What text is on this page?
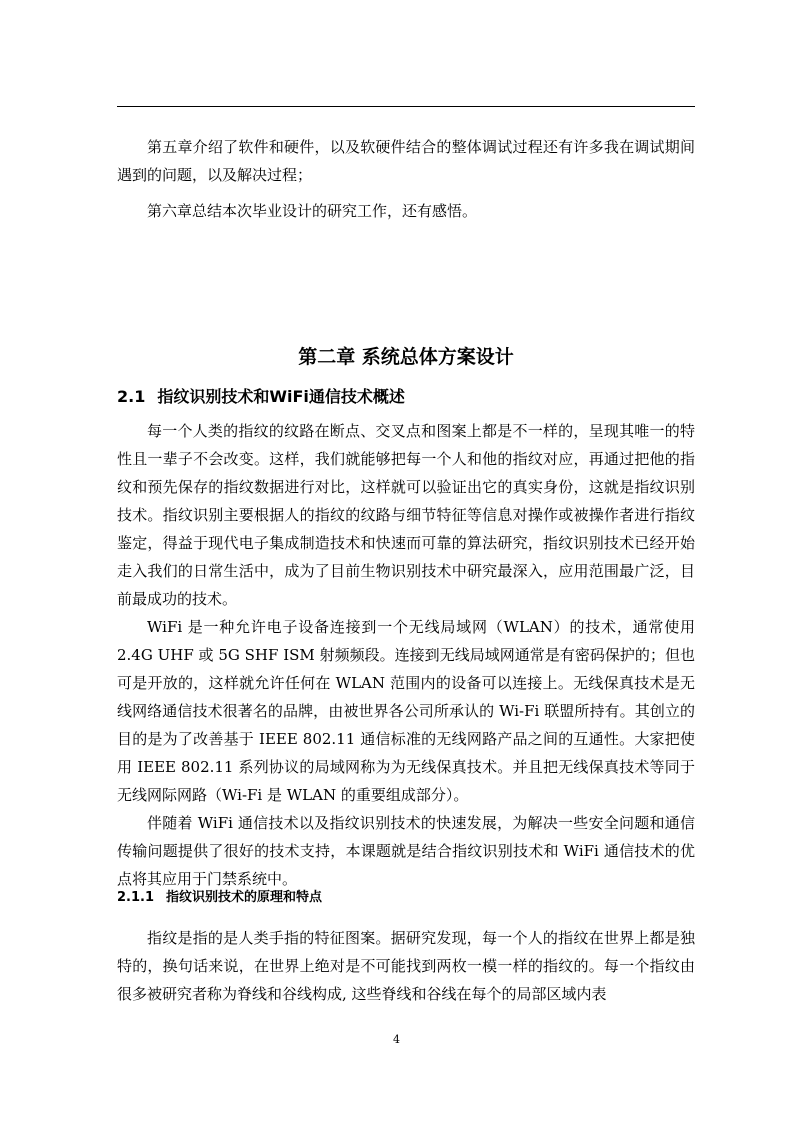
第五章介绍了软件和硬件，以及软硬件结合的整体调试过程还有许多我在调试期间遇到的问题，以及解决过程；

第六章总结本次毕业设计的研究工作，还有感悟。

第二章 系统总体方案设计
2.1 指纹识别技术和WiFi通信技术概述

每一个人类的指纹的纹路在断点、交叉点和图案上都是不一样的，呈现其唯一的特性且一辈子不会改变。这样，我们就能够把每一个人和他的指纹对应，再通过把他的指纹和预先保存的指纹数据进行对比，这样就可以验证出它的真实身份，这就是指纹识别技术。指纹识别主要根据人的指纹的纹路与细节特征等信息对操作或被操作者进行指纹鉴定，得益于现代电子集成制造技术和快速而可靠的算法研究，指纹识别技术已经开始走入我们的日常生活中，成为了目前生物识别技术中研究最深入，应用范围最广泛，目前最成功的技术。

WiFi 是一种允许电子设备连接到一个无线局域网（WLAN）的技术，通常使用2.4G UHF 或 5G SHF ISM 射频频段。连接到无线局域网通常是有密码保护的；但也可是开放的，这样就允许任何在 WLAN 范围内的设备可以连接上。无线保真技术是无线网络通信技术很著名的品牌，由被世界各公司所承认的 Wi-Fi 联盟所持有。其创立的目的是为了改善基于 IEEE 802.11 通信标准的无线网路产品之间的互通性。大家把使用 IEEE 802.11 系列协议的局域网称为为无线保真技术。并且把无线保真技术等同于无线网际网路（Wi-Fi 是 WLAN 的重要组成部分）。

伴随着 WiFi 通信技术以及指纹识别技术的快速发展，为解决一些安全问题和通信传输问题提供了很好的技术支持，本课题就是结合指纹识别技术和 WiFi 通信技术的优点将其应用于门禁系统中。

2.1.1 指纹识别技术的原理和特点

指纹是指的是人类手指的特征图案。据研究发现，每一个人的指纹在世界上都是独特的，换句话来说，在世界上绝对是不可能找到两枚一模一样的指纹的。每一个指纹由很多被研究者称为脊线和谷线构成, 这些脊线和谷线在每个的局部区域内表

4
